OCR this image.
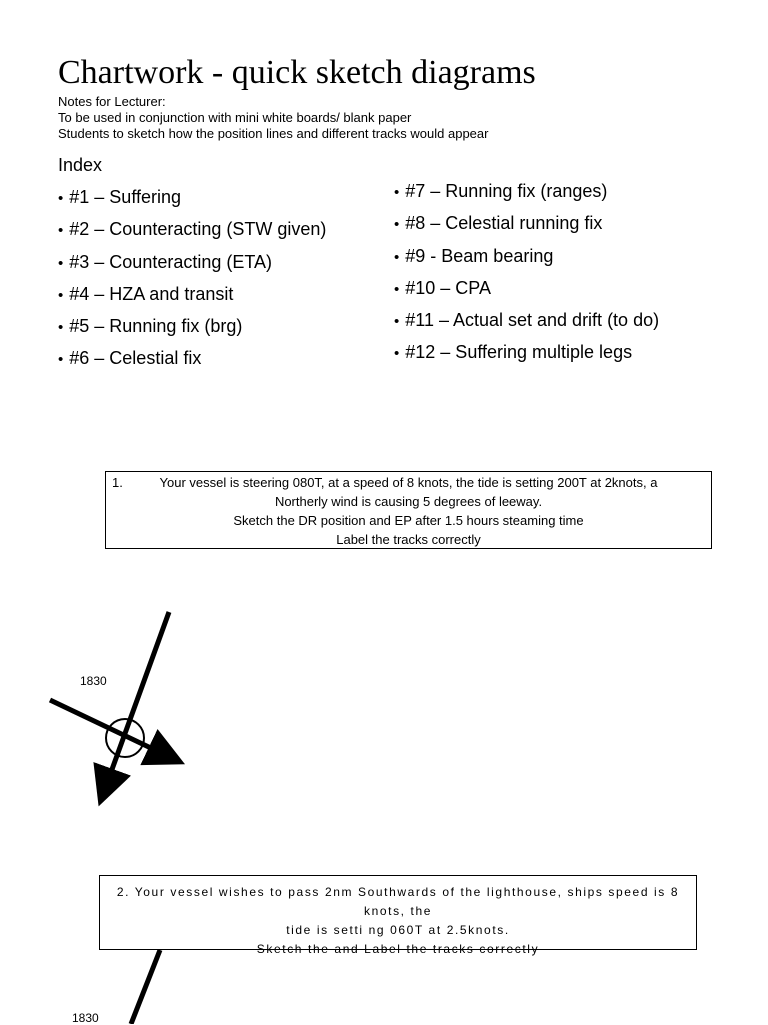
Chartwork - quick sketch diagrams
Notes for Lecturer:
To be used in conjunction with mini white boards/ blank paper
Students to sketch how the position lines and different tracks would appear
Index
• #1 – Suffering
• #2 – Counteracting (STW given)
• #3 – Counteracting (ETA)
• #4 – HZA and transit
• #5 – Running fix (brg)
• #6 – Celestial fix
• #7 – Running fix (ranges)
• #8 – Celestial running fix
• #9 - Beam bearing
• #10 – CPA
• #11 – Actual set and drift (to do)
• #12 – Suffering multiple legs
1.	Your vessel is steering 080T, at a speed of 8 knots, the tide is setting 200T at 2knots, a
Northerly wind is causing 5 degrees of leeway.
Sketch the DR position and EP after 1.5 hours steaming time
Label the tracks correctly
1830
2. Your vessel wishes to pass 2nm Southwards of the lighthouse, ships speed is 8 knots, the
tide is setti ng 060T at 2.5knots.
Sketch the and Label the tracks correctly
1830
